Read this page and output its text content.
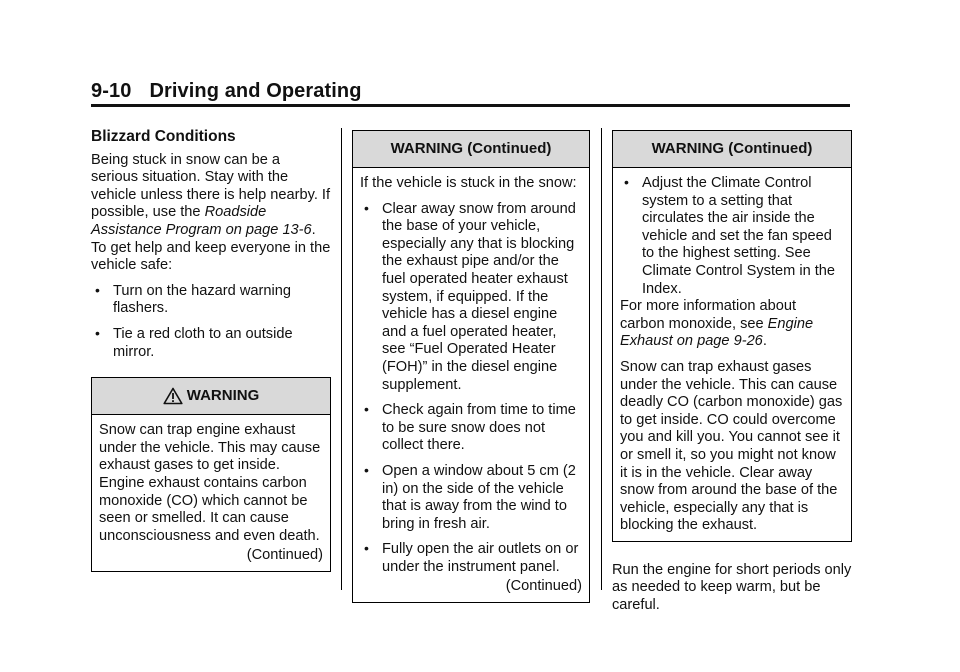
9-10 Driving and Operating
Blizzard Conditions

Being stuck in snow can be a serious situation. Stay with the vehicle unless there is help nearby. If possible, use the Roadside Assistance Program on page 13-6. To get help and keep everyone in the vehicle safe:

• Turn on the hazard warning flashers.
• Tie a red cloth to an outside mirror.
WARNING

Snow can trap engine exhaust under the vehicle. This may cause exhaust gases to get inside. Engine exhaust contains carbon monoxide (CO) which cannot be seen or smelled. It can cause unconsciousness and even death.

(Continued)
WARNING (Continued)

If the vehicle is stuck in the snow:

• Clear away snow from around the base of your vehicle, especially any that is blocking the exhaust pipe and/or the fuel operated heater exhaust system, if equipped. If the vehicle has a diesel engine and a fuel operated heater, see “Fuel Operated Heater (FOH)” in the diesel engine supplement.
• Check again from time to time to be sure snow does not collect there.
• Open a window about 5 cm (2 in) on the side of the vehicle that is away from the wind to bring in fresh air.
• Fully open the air outlets on or under the instrument panel.
(Continued)
WARNING (Continued)
• Adjust the Climate Control system to a setting that circulates the air inside the vehicle and set the fan speed to the highest setting. See Climate Control System in the Index.

For more information about carbon monoxide, see Engine Exhaust on page 9-26.

Snow can trap exhaust gases under the vehicle. This can cause deadly CO (carbon monoxide) gas to get inside. CO could overcome you and kill you. You cannot see it or smell it, so you might not know it is in the vehicle. Clear away snow from around the base of the vehicle, especially any that is blocking the exhaust.

Run the engine for short periods only as needed to keep warm, but be careful.
